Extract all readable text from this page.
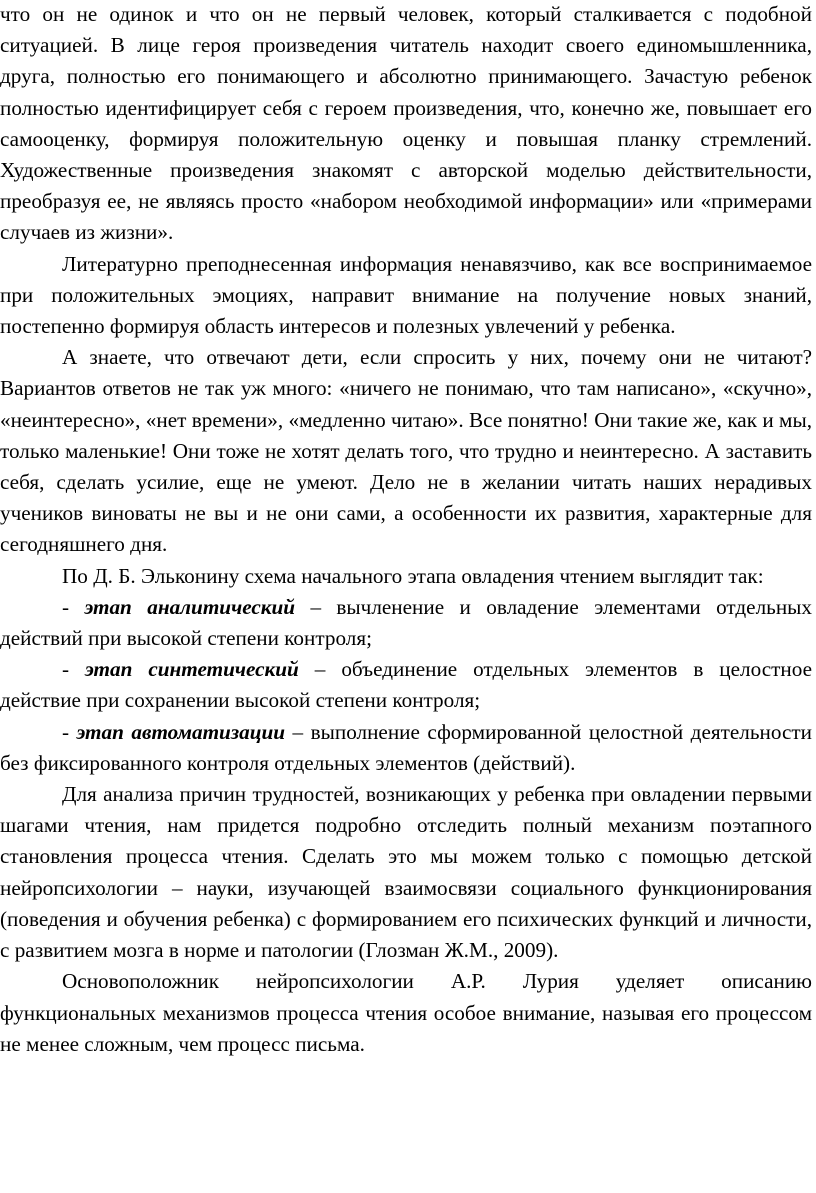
что он не одинок и что он не первый человек, который сталкивается с подобной ситуацией. В лице героя произведения читатель находит своего единомышленника, друга, полностью его понимающего и абсолютно принимающего. Зачастую ребенок полностью идентифицирует себя с героем произведения, что, конечно же, повышает его самооценку, формируя положительную оценку и повышая планку стремлений. Художественные произведения знакомят с авторской моделью действительности, преобразуя ее, не являясь просто «набором необходимой информации» или «примерами случаев из жизни».

Литературно преподнесенная информация ненавязчиво, как все воспринимаемое при положительных эмоциях, направит внимание на получение новых знаний, постепенно формируя область интересов и полезных увлечений у ребенка.

А знаете, что отвечают дети, если спросить у них, почему они не читают? Вариантов ответов не так уж много: «ничего не понимаю, что там написано», «скучно», «неинтересно», «нет времени», «медленно читаю». Все понятно! Они такие же, как и мы, только маленькие! Они тоже не хотят делать того, что трудно и неинтересно. А заставить себя, сделать усилие, еще не умеют. Дело не в желании читать наших нерадивых учеников виноваты не вы и не они сами, а особенности их развития, характерные для сегодняшнего дня.

По Д. Б. Эльконину схема начального этапа овладения чтением выглядит так:

- этап аналитический – вычленение и овладение элементами отдельных действий при высокой степени контроля;

- этап синтетический – объединение отдельных элементов в целостное действие при сохранении высокой степени контроля;

- этап автоматизации – выполнение сформированной целостной деятельности без фиксированного контроля отдельных элементов (действий).

Для анализа причин трудностей, возникающих у ребенка при овладении первыми шагами чтения, нам придется подробно отследить полный механизм поэтапного становления процесса чтения. Сделать это мы можем только с помощью детской нейропсихологии – науки, изучающей взаимосвязи социального функционирования (поведения и обучения ребенка) с формированием его психических функций и личности, с развитием мозга в норме и патологии (Глозман Ж.М., 2009).

Основоположник нейропсихологии А.Р. Лурия уделяет описанию функциональных механизмов процесса чтения особое внимание, называя его процессом не менее сложным, чем процесс письма.
